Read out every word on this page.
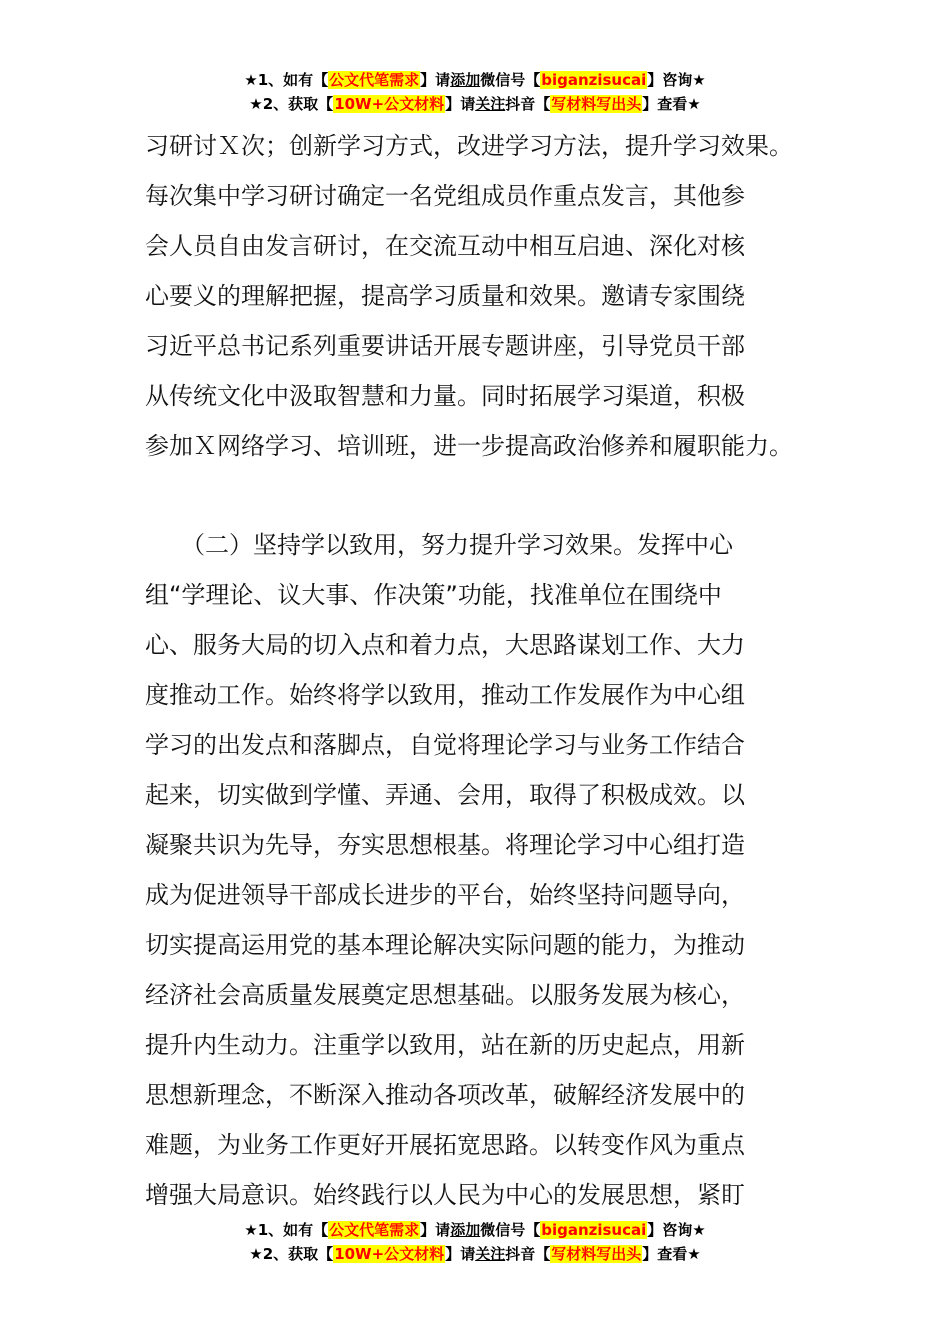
★1、如有【公文代笔需求】请添加微信号【biganzisucai】咨询★
★2、获取【10W+公文材料】请关注抖音【写材料写出头】查看★
习研讨Ｘ次；创新学习方式，改进学习方法，提升学习效果。
每次集中学习研讨确定一名党组成员作重点发言，其他参
会人员自由发言研讨，在交流互动中相互启迪、深化对核
心要义的理解把握，提高学习质量和效果。邀请专家围绕
习近平总书记系列重要讲话开展专题讲座，引导党员干部
从传统文化中汲取智慧和力量。同时拓展学习渠道，积极
参加Ｘ网络学习、培训班，进一步提高政治修养和履职能力。
　　（二）坚持学以致用，努力提升学习效果。发挥中心
组“学理论、议大事、作决策”功能，找准单位在围绕中
心、服务大局的切入点和着力点，大思路谋划工作、大力
度推动工作。始终将学以致用，推动工作发展作为中心组
学习的出发点和落脚点，自觉将理论学习与业务工作结合
起来，切实做到学懂、弄通、会用，取得了积极成效。以
凝聚共识为先导，夯实思想根基。将理论学习中心组打造
成为促进领导干部成长进步的平台，始终坚持问题导向，
切实提高运用党的基本理论解决实际问题的能力，为推动
经济社会高质量发展奠定思想基础。以服务发展为核心，
提升内生动力。注重学以致用，站在新的历史起点，用新
思想新理念，不断深入推动各项改革，破解经济发展中的
难题，为业务工作更好开展拓宽思路。以转变作风为重点
增强大局意识。始终践行以人民为中心的发展思想，紧盯
★1、如有【公文代笔需求】请添加微信号【biganzisucai】咨询★
★2、获取【10W+公文材料】请关注抖音【写材料写出头】查看★
